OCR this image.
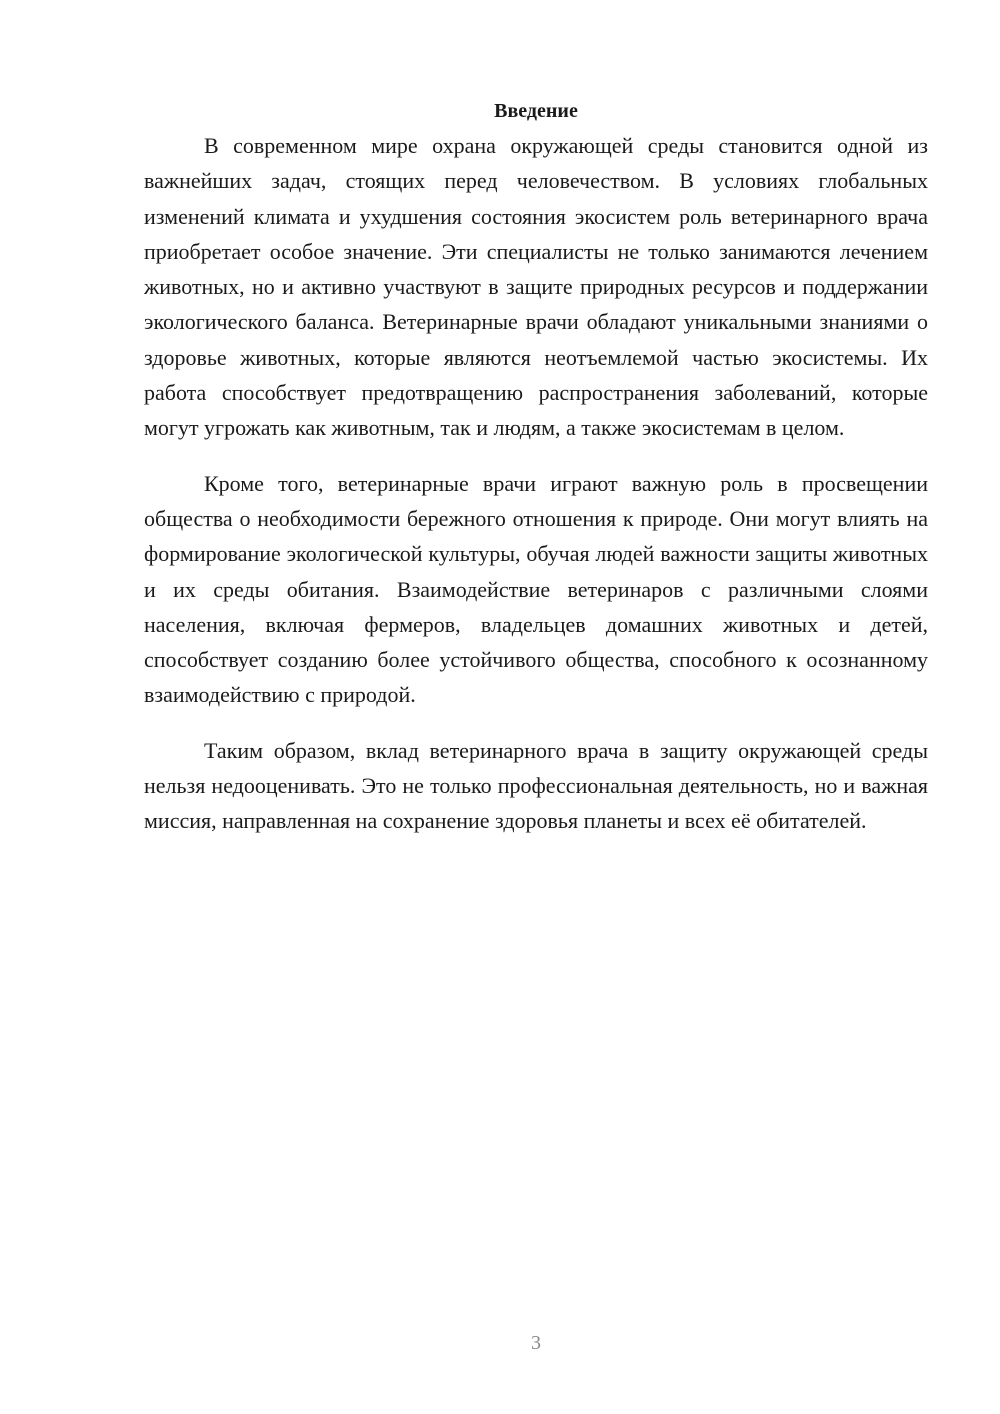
Введение

В современном мире охрана окружающей среды становится одной из важнейших задач, стоящих перед человечеством. В условиях глобальных изменений климата и ухудшения состояния экосистем роль ветеринарного врача приобретает особое значение. Эти специалисты не только занимаются лечением животных, но и активно участвуют в защите природных ресурсов и поддержании экологического баланса. Ветеринарные врачи обладают уникальными знаниями о здоровье животных, которые являются неотъемлемой частью экосистемы. Их работа способствует предотвращению распространения заболеваний, которые могут угрожать как животным, так и людям, а также экосистемам в целом.

Кроме того, ветеринарные врачи играют важную роль в просвещении общества о необходимости бережного отношения к природе. Они могут влиять на формирование экологической культуры, обучая людей важности защиты животных и их среды обитания. Взаимодействие ветеринаров с различными слоями населения, включая фермеров, владельцев домашних животных и детей, способствует созданию более устойчивого общества, способного к осознанному взаимодействию с природой.

Таким образом, вклад ветеринарного врача в защиту окружающей среды нельзя недооценивать. Это не только профессиональная деятельность, но и важная миссия, направленная на сохранение здоровья планеты и всех её обитателей.

3
